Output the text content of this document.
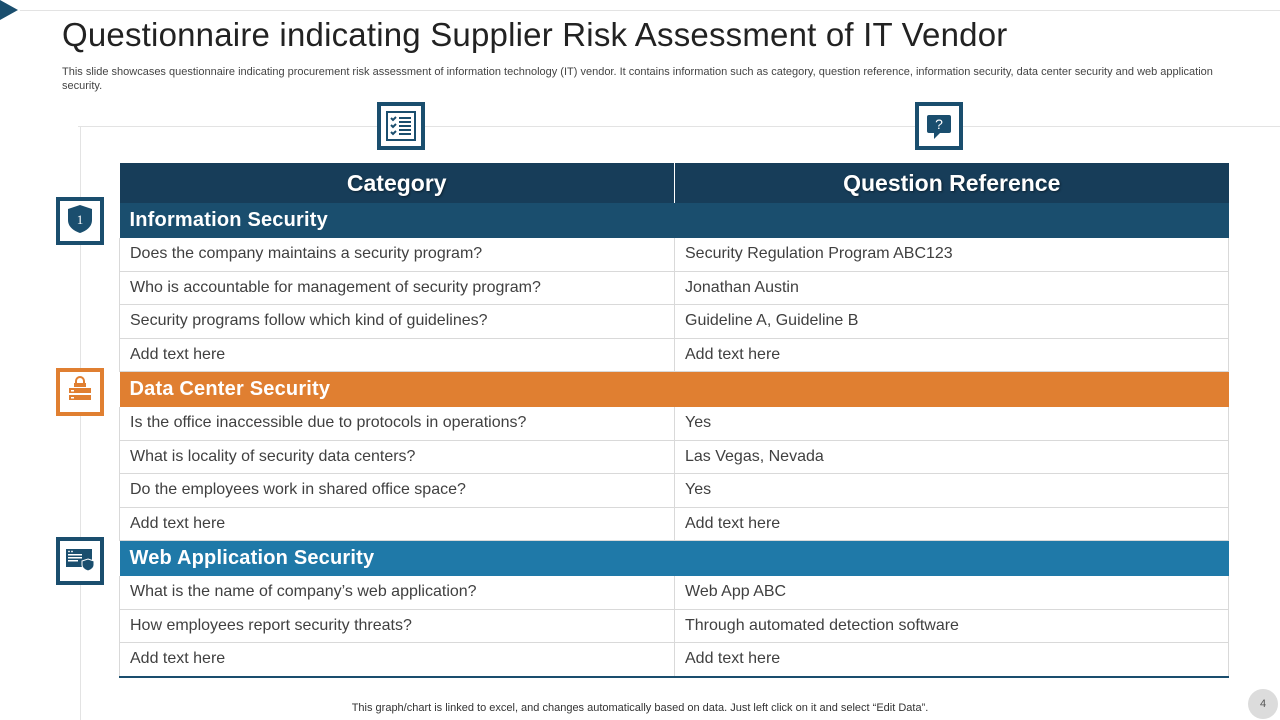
Questionnaire indicating Supplier Risk Assessment of IT Vendor
This slide showcases questionnaire indicating procurement risk assessment of information technology (IT) vendor. It contains information such as category, question reference, information security, data center security and web application security.
?
1
Category	Question Reference
Information Security	
Does the company maintains a security program?	Security Regulation Program ABC123
Who is accountable for management of security program?	Jonathan Austin
Security programs follow which kind of guidelines?	Guideline A, Guideline B
Add text here	Add text here
Data Center Security	
Is the office inaccessible due to protocols in operations?	Yes
What is locality of security data centers?	Las Vegas, Nevada
Do the employees work in shared office space?	Yes
Add text here	Add text here
Web Application Security	
What is the name of company’s web application?	Web App ABC
How employees report security threats?	Through automated detection software
Add text here	Add text here
This graph/chart is linked to excel, and changes automatically based on data. Just left click on it and select “Edit Data”.	4
